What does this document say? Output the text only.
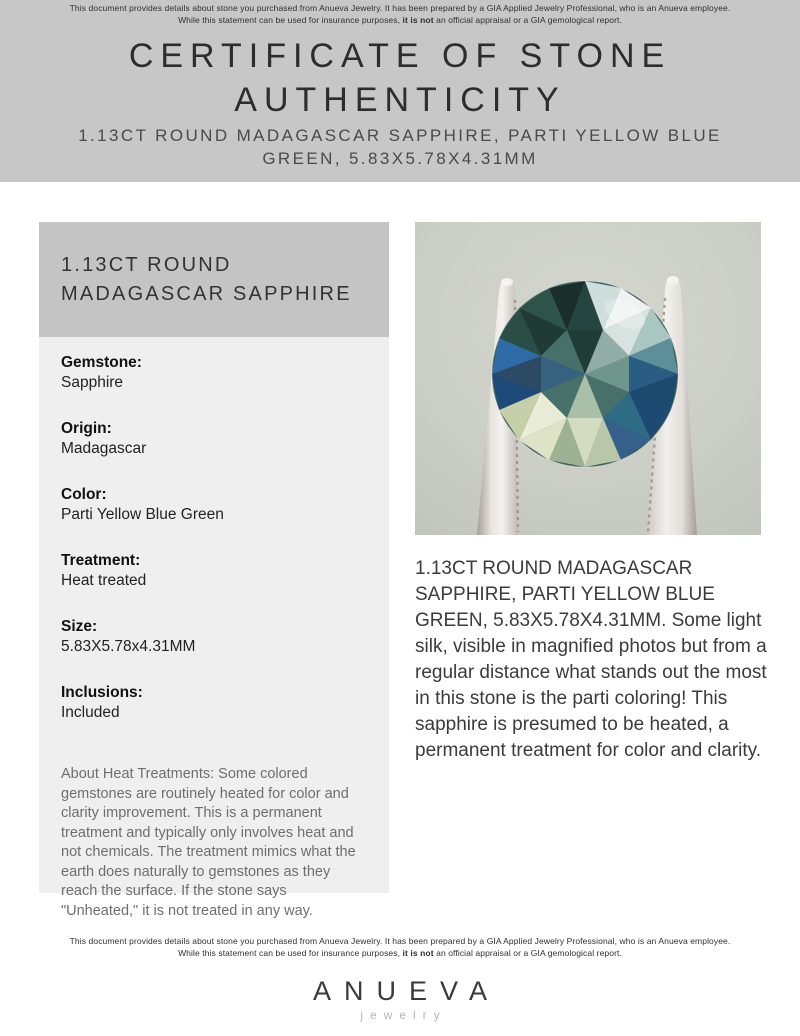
This document provides details about stone you purchased from Anueva Jewelry. It has been prepared by a GIA Applied Jewelry Professional, who is an Anueva employee.
While this statement can be used for insurance purposes, it is not an official appraisal or a GIA gemological report.

CERTIFICATE OF STONE
AUTHENTICITY
1.13CT ROUND MADAGASCAR SAPPHIRE, PARTI YELLOW BLUE GREEN, 5.83X5.78X4.31MM
1.13CT ROUND MADAGASCAR SAPPHIRE
Gemstone:
Sapphire
Origin:
Madagascar
Color:
Parti Yellow Blue Green
Treatment:
Heat treated
Size:
5.83X5.78x4.31MM
Inclusions:
Included

About Heat Treatments: Some colored gemstones are routinely heated for color and clarity improvement. This is a permanent treatment and typically only involves heat and not chemicals. The treatment mimics what the earth does naturally to gemstones as they reach the surface. If the stone says "Unheated," it is not treated in any way.

1.13CT ROUND MADAGASCAR SAPPHIRE, PARTI YELLOW BLUE GREEN, 5.83X5.78X4.31MM. Some light silk, visible in magnified photos but from a regular distance what stands out the most in this stone is the parti coloring! This sapphire is presumed to be heated, a permanent treatment for color and clarity.

This document provides details about stone you purchased from Anueva Jewelry. It has been prepared by a GIA Applied Jewelry Professional, who is an Anueva employee.
While this statement can be used for insurance purposes, it is not an official appraisal or a GIA gemological report.

ANUEVA
jewelry
